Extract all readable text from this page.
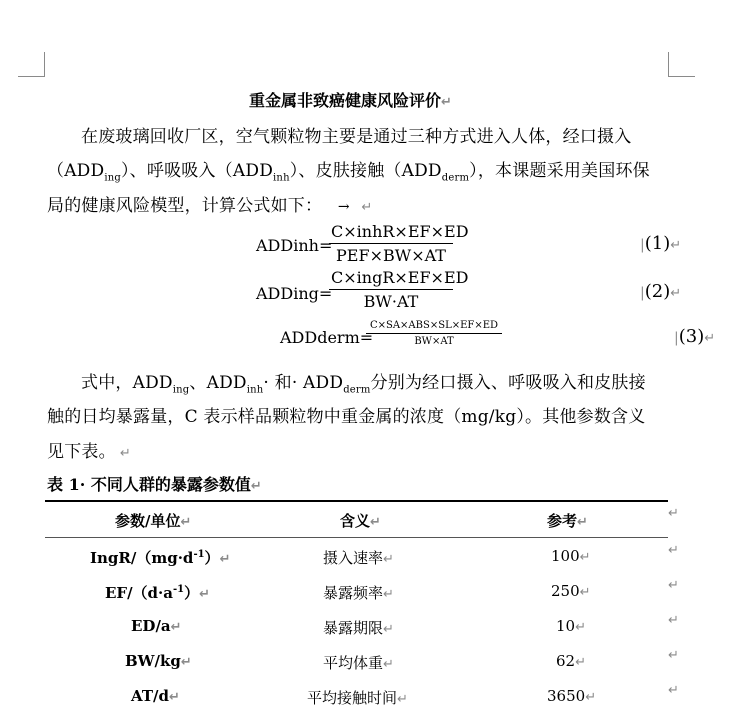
重金属非致癌健康风险评价↵
在废玻璃回收厂区，空气颗粒物主要是通过三种方式进入人体，经口摄入
$(ADD_{ing})$、呼吸吸入$(ADD_{inh})$、皮肤接触$(ADD_{derm})$，本课题采用美国环保
局的健康风险模型，计算公式如下： → ↵
ADDinh=
C×inhR×EF×ED
PEF×BW×AT
|(1)↵
ADDing=
C×ingR×EF×ED
BW·AT	|(2)↵
ADDderm=
C×SA×ABS×SL×EF×ED
BW×AT	|(3)↵
式中，$ADD_{ing}$、$ADD_{inh}\cdot$ 和· $ADD_{derm}$分别为经口摄入、呼吸吸入和皮肤接
触的日均暴露量，C 表示样品颗粒物中重金属的浓度（mg/kg）。其他参数含义
见下表。 ↵
表 1· 不同人群的暴露参数值↵
参数/单位↵	含义↵	参考↵
↵
IngR/$(mg\cdot d^{-1})↵$	摄入速率↵	100↵	↵
$EF/(d\cdot a^{-1})↵$	暴露频率↵	250↵	↵
ED/a↵	暴露期限↵	10↵	↵
BW/kg↵	平均体重↵	62↵	↵
AT/d↵	平均接触时间↵	3650↵	↵
